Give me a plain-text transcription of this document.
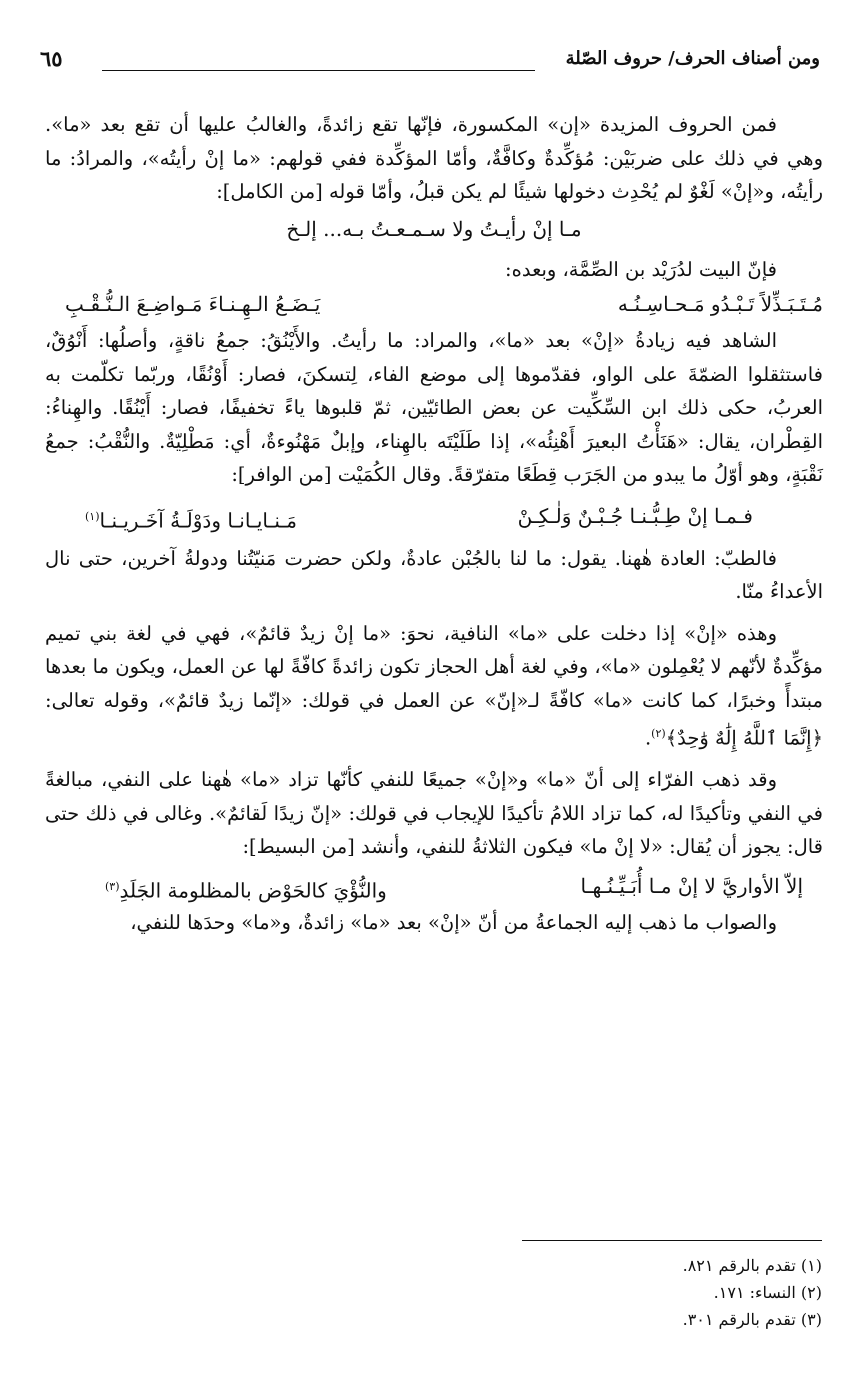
ومن أصناف الحرف/ حروف الصّلة
٦٥

فمن الحروف المزيدة «إن» المكسورة، فإنّها تقع زائدةً، والغالبُ عليها أن تقع بعد «ما». وهي في ذلك على ضربَيْن: مُؤكِّدةٌ وكافَّةٌ، وأمّا المؤكِّدة ففي قولهم: «ما إنْ رأيتُه»، والمرادُ: ما رأيتُه، و«إنْ» لَغْوٌ لم يُحْدِث دخولها شيئًا لم يكن قبلُ، وأمّا قوله [من الكامل]:

مـا إنْ رأيـتُ ولا سـمـعـتُ بـه... إلـخ

فإنّ البيت لدُرَيْد بن الصِّمَّة، وبعده:

مُـتَـبَـذِّلاً تَـبْـدُو مَـحـاسِـنُـه
يَـضَـعُ الـهِـنـاءَ مَـواضِـعَ الـنُّـقْـبِ

الشاهد فيه زيادةُ «إنْ» بعد «ما»، والمراد: ما رأيتُ. والأَيْنُقُ: جمعُ ناقةٍ، وأصلُها: أَنْوُقٌ، فاستثقلوا الضمّةَ على الواو، فقدّموها إلى موضع الفاء، لِتسكنَ، فصار: أَوْنُقًا، وربّما تكلّمت به العربُ، حكى ذلك ابن السِّكِّيت عن بعض الطائيّين، ثمّ قلبوها ياءً تخفيفًا، فصار: أَيْنُقًا. والهِناءُ: القِطْران، يقال: «هَنَأْتُ البعيرَ أَهْنِئُه»، إذا طَلَيْتَه بالهِناء، وإبلٌ مَهْنُوءةٌ، أي: مَطْلِيّةٌ. والنُّقْبُ: جمعُ نَقْبَةٍ، وهو أوّلُ ما يبدو من الجَرَب قِطَعًا متفرّقةً. وقال الكُمَيْت [من الوافر]:

فـمـا إنْ طِـبُّـنـا جُـبْـنٌ وَلٰـكِـنْ
مَـنـايـانـا ودَوْلَـةُ آخَـريـنـا$^{(١)}$

فالطبّ: العادة هٰهنا. يقول: ما لنا بالجُبْن عادةٌ، ولكن حضرت مَنيّتُنا ودولةُ آخرين، حتى نال الأعداءُ منّا.

وهذه «إنْ» إذا دخلت على «ما» النافية، نحوَ: «ما إنْ زيدٌ قائمٌ»، فهي في لغة بني تميم مؤكِّدةٌ لأنّهم لا يُعْمِلون «ما»، وفي لغة أهل الحجاز تكون زائدةً كافّةً لها عن العمل، ويكون ما بعدها مبتدأً وخبرًا، كما كانت «ما» كافّةً لـ«إنّ» عن العمل في قولك: «إنّما زيدٌ قائمٌ»، وقوله تعالى: ﴿إِنَّمَا ٱللَّهُ إِلَٰهٌ وَٰحِدٌ﴾$^{(٢)}$.

وقد ذهب الفرّاء إلى أنّ «ما» و«إنْ» جميعًا للنفي كأنّها تزاد «ما» هٰهنا على النفي، مبالغةً في النفي وتأكيدًا له، كما تزاد اللامُ تأكيدًا للإيجاب في قولك: «إنّ زيدًا لَقائمٌ». وغالى في ذلك حتى قال: يجوز أن يُقال: «لا إنْ ما» فيكون الثلاثةُ للنفي، وأنشد [من البسيط]:

إلاّ الأواريَّ لا إنْ مـا أُبَـيِّـنُـهـا
والنُّؤْيَ كالحَوْض بالمظلومة الجَلَدِ$^{(٣)}$

والصواب ما ذهب إليه الجماعةُ من أنّ «إنْ» بعد «ما» زائدةٌ، و«ما» وحدَها للنفي،

(١) تقدم بالرقم ٨٢١.
(٢) النساء: ١٧١.
(٣) تقدم بالرقم ٣٠١.
